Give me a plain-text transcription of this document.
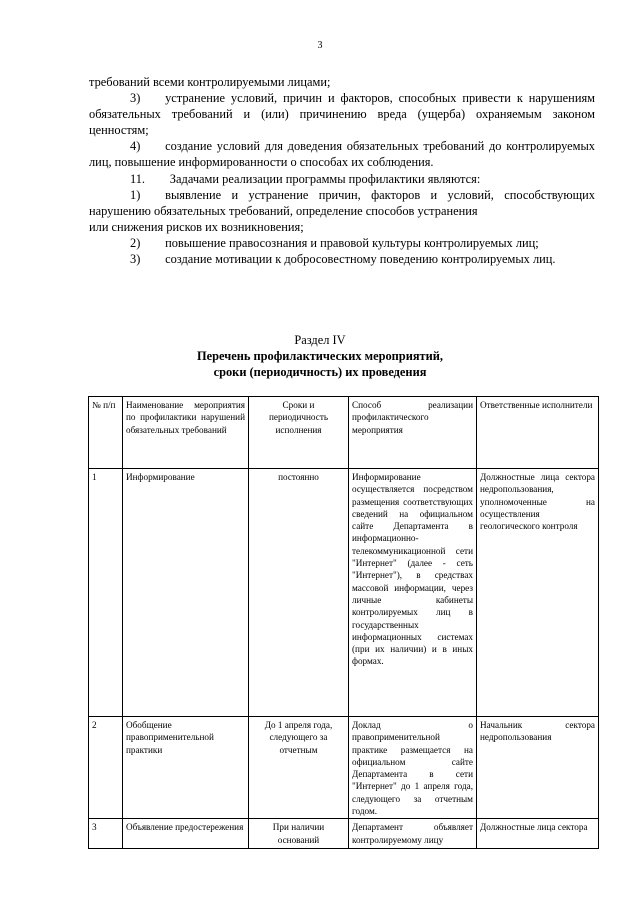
3

требований всеми контролируемыми лицами;

3)  устранение условий, причин и факторов, способных привести к нарушениям обязательных требований и (или) причинению вреда (ущерба) охраняемым законом ценностям;

4)  создание условий для доведения обязательных требований до контролируемых лиц, повышение информированности о способах их соблюдения.

11.  Задачами реализации программы профилактики являются:

1)  выявление и устранение причин, факторов и условий, способствующих нарушению обязательных требований, определение способов устранения

или снижения рисков их возникновения;

2)  повышение правосознания и правовой культуры контролируемых лиц;

3)  создание мотивации к добросовестному поведению контролируемых лиц.

Раздел IV
Перечень профилактических мероприятий,
сроки (периодичность) их проведения
№ п/п	Наименование мероприятия по профилактики нарушений обязательных требований	Сроки и периодичность исполнения	Способ реализации профилактического мероприятия	Ответственные исполнители
1	Информирование	постоянно	Информирование осуществляется посредством размещения соответствующих сведений на официальном сайте Департамента в информационно-телекоммуникационной сети "Интернет" (далее - сеть "Интернет"), в средствах массовой информации, через личные кабинеты контролируемых лиц в государственных информационных системах (при их наличии) и в иных формах.	Должностные лица сектора недропользования, уполномоченные на осуществления геологического контроля
2	Обобщение правоприменительной практики	До 1 апреля года, следующего за отчетным	Доклад о правоприменительной практике размещается на официальном сайте Департамента в сети "Интернет" до 1 апреля года, следующего за отчетным годом.	Начальник сектора недропользования
3	Объявление предостережения	При наличии оснований	Департамент объявляет контролируемому лицу	Должностные лица сектора
